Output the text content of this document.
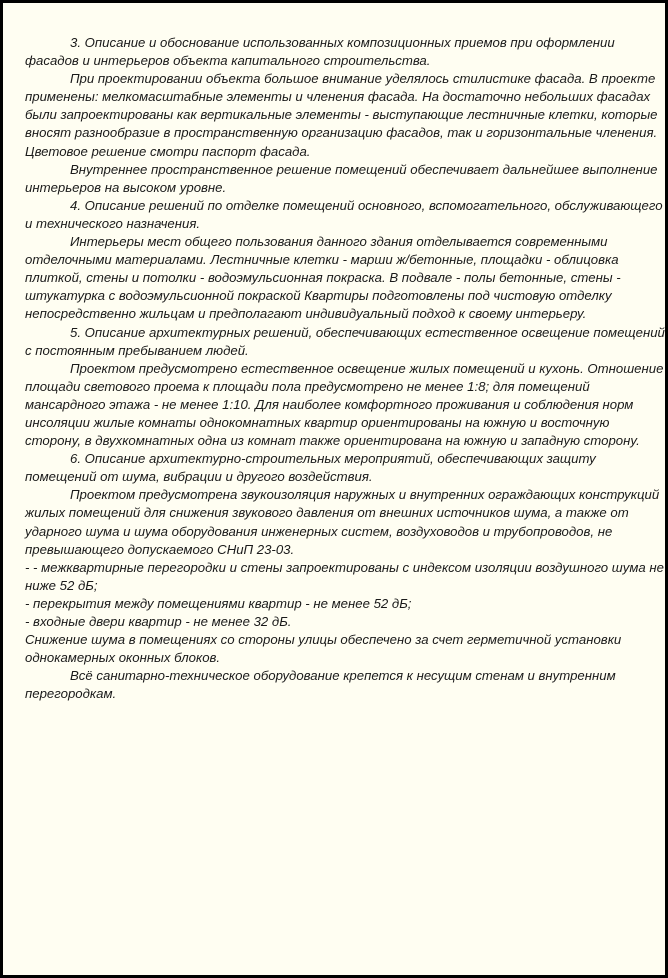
3. Описание и обоснование использованных композиционных приемов при оформлении фасадов и интерьеров объекта капитального строительства.

При проектировании объекта большое внимание уделялось стилистике фасада. В проекте применены: мелкомасштабные элементы и членения фасада. На достаточно небольших фасадах были запроектированы как вертикальные элементы - выступающие лестничные клетки, которые вносят разнообразие в пространственную организацию фасадов, так и горизонтальные членения. Цветовое решение смотри паспорт фасада.

Внутреннее пространственное решение помещений обеспечивает дальнейшее выполнение интерьеров на высоком уровне.

4. Описание решений по отделке помещений основного, вспомогательного, обслуживающего и технического назначения.

Интерьеры мест общего пользования данного здания отделывается современными отделочными материалами. Лестничные клетки - марши ж/бетонные, площадки - облицовка плиткой, стены и потолки - водоэмульсионная покраска. В подвале - полы бетонные, стены - штукатурка с водоэмульсионной покраской Квартиры подготовлены под чистовую отделку непосредственно жильцам и предполагают индивидуальный подход к своему интерьеру.

5. Описание архитектурных решений, обеспечивающих естественное освещение помещений с постоянным пребыванием людей.

Проектом предусмотрено естественное освещение жилых помещений и кухонь. Отношение площади светового проема к площади пола предусмотрено не менее 1:8; для помещений мансардного этажа - не менее 1:10. Для наиболее комфортного проживания и соблюдения норм инсоляции жилые комнаты однокомнатных квартир ориентированы на южную и восточную сторону, в двухкомнатных одна из комнат также ориентирована на южную и западную сторону.

6. Описание архитектурно-строительных мероприятий, обеспечивающих защиту помещений от шума, вибрации и другого воздействия.

Проектом предусмотрена звукоизоляция наружных и внутренних ограждающих конструкций жилых помещений для снижения звукового давления от внешних источников шума, а также от ударного шума и шума оборудования инженерных систем, воздуховодов и трубопроводов, не превышающего допускаемого СНиП 23-03.

- - межквартирные перегородки и стены запроектированы с индексом изоляции воздушного шума не ниже 52 дБ;

- перекрытия между помещениями квартир - не менее 52 дБ;

- входные двери квартир - не менее 32 дБ.

Снижение шума в помещениях со стороны улицы обеспечено за счет герметичной установки однокамерных оконных блоков.

Всё санитарно-техническое оборудование крепется к несущим стенам и внутренним перегородкам.
